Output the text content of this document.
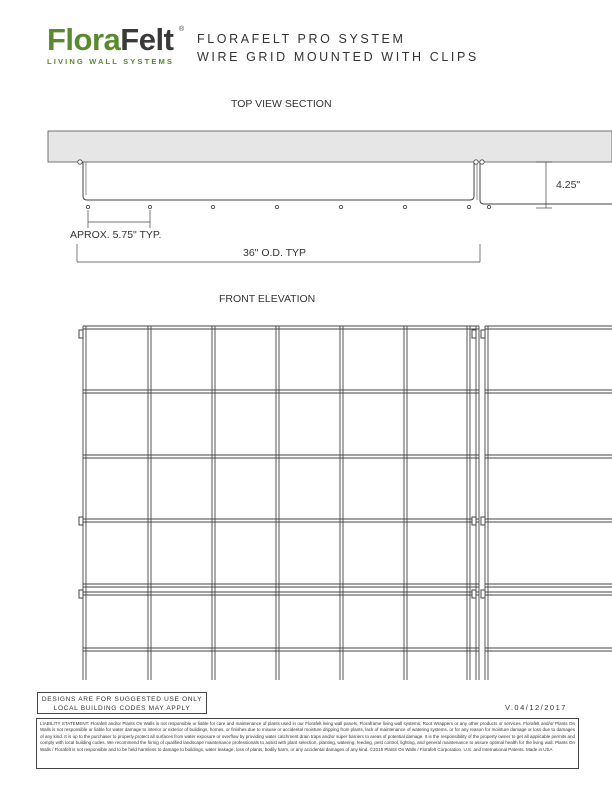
FloraFelt ®
LIVING WALL SYSTEMS
FLORAFELT PRO SYSTEM
WIRE GRID MOUNTED WITH CLIPS
TOP VIEW SECTION
4.25"
APROX. 5.75" TYP.
36" O.D. TYP
FRONT ELEVATION
DESIGNS ARE FOR SUGGESTED USE ONLY
LOCAL BUILDING CODES MAY APPLY	V.04/12/2017
LIABILITY STATEMENT: Florafelt and/or Plants On Walls is not responsible or liable for care and maintenance of plants used in our Florafelt living wall panels, Floraframe living wall systems, Root Wrappers or any other products or services. Florafelt and/or Plants On Walls is not responsible or liable for water damage to interior or exterior of buildings, homes, or finishes due to misuse or accidental moisture dripping from plants, lack of maintenance of watering systems, or for any reason for moisture damage or loss due to damages of any kind. It is up to the purchaser to properly protect all surfaces from water exposure or overflow by providing water catchment drain traps and/or super barriers to areas of potential damage. It is the responsibility of the property owner to get all applicable permits and comply with local building codes. We recommend the hiring of qualified landscape maintenance professionals to assist with plant selection, planting, watering, feeding, pest control, lighting, and general maintenance to assure optimal health for the living wall. Plants On Walls / Florafelt is not responsible and to be held harmless to damage to buildings, water leakage, loss of plants, bodily harm, or any accidental damages of any kind. ©2015 Plants On Walls / Florafelt Corporation. U.S. and International Patents. Made in USA
